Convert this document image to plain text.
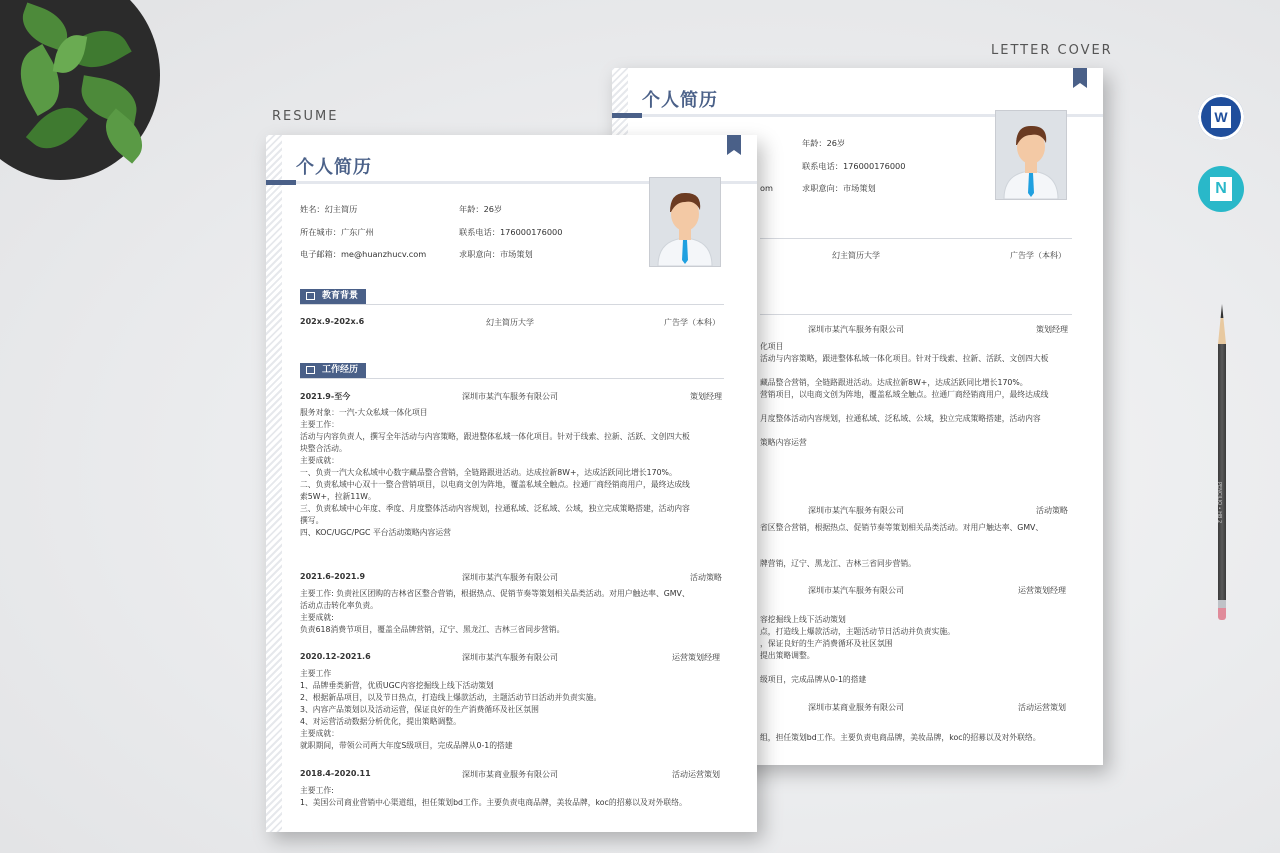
RESUME
LETTER COVER
个人简历
年龄：26岁
联系电话：176000176000
om	求职意向：市场策划
幻主简历大学	广告学（本科）
深圳市某汽车服务有限公司	策划经理
化项目
活动与内容策略，跟进整体私域一体化项目。针对于线索、拉新、活跃、文创四大板

藏品整合营销，全链路跟进活动。达成拉新8W+，达成活跃同比增长170%。
营销项目，以电商文创为阵地，覆盖私域全触点。拉通厂商经销商用户，最终达成线

月度整体活动内容规划，拉通私域、泛私域、公域，独立完成策略搭建，活动内容

策略内容运营
深圳市某汽车服务有限公司	活动策略
省区整合营销，根据热点、促销节奏等策划相关品类活动。对用户触达率、GMV、

牌营销，辽宁、黑龙江、吉林三省同步营销。
深圳市某汽车服务有限公司	运营策划经理
容挖掘线上线下活动策划
点，打造线上爆款活动，主题活动节日活动并负责实施。
，保证良好的生产消费循环及社区氛围
提出策略调整。

级项目，完成品牌从0-1的搭建
深圳市某商业服务有限公司	活动运营策划
组，担任策划bd工作。主要负责电商品牌，美妆品牌，koc的招募以及对外联络。
个人简历
姓名：幻主简历	年龄：26岁
所在城市：广东广州	联系电话：176000176000
电子邮箱：me@huanzhucv.com	求职意向：市场策划
教育背景
202x.9-202x.6	幻主简历大学	广告学（本科）
工作经历
2021.9-至今	深圳市某汽车服务有限公司	策划经理
服务对象：一汽-大众私域一体化项目
主要工作：
活动与内容负责人，撰写全年活动与内容策略，跟进整体私域一体化项目。针对于线索、拉新、活跃、文创四大板
块整合活动。
主要成就：
一、负责一汽大众私域中心数字藏品整合营销，全链路跟进活动。达成拉新8W+，达成活跃同比增长170%。
二、负责私域中心双十一整合营销项目，以电商文创为阵地，覆盖私域全触点。拉通厂商经销商用户，最终达成线
索5W+，拉新11W。
三、负责私域中心年度、季度、月度整体活动内容规划，拉通私域、泛私域、公域，独立完成策略搭建，活动内容
撰写。
四、KOC/UGC/PGC 平台活动策略内容运营
2021.6-2021.9	深圳市某汽车服务有限公司	活动策略
主要工作: 负责社区团购的吉林省区整合营销，根据热点、促销节奏等策划相关品类活动。对用户触达率、GMV、
活动点击转化率负责。
主要成就:
负责618消费节项目，覆盖全品牌营销，辽宁、黑龙江、吉林三省同步营销。
2020.12-2021.6	深圳市某汽车服务有限公司	运营策划经理
主要工作
1、品牌垂类新营，优质UGC内容挖掘线上线下活动策划
2、根据新品项目，以及节日热点，打造线上爆款活动，主题活动节日活动并负责实施。
3、内容产品策划以及活动运营，保证良好的生产消费循环及社区氛围
4、对运营活动数据分析优化，提出策略调整。
主要成就：
就职期间，带领公司两大年度S级项目，完成品牌从0-1的搭建
2018.4-2020.11	深圳市某商业服务有限公司	活动运营策划
主要工作:
1、美国公司商业营销中心渠道组，担任策划bd工作。主要负责电商品牌，美妆品牌，koc的招募以及对外联络。
W
N
PENCILIO • HB 2
